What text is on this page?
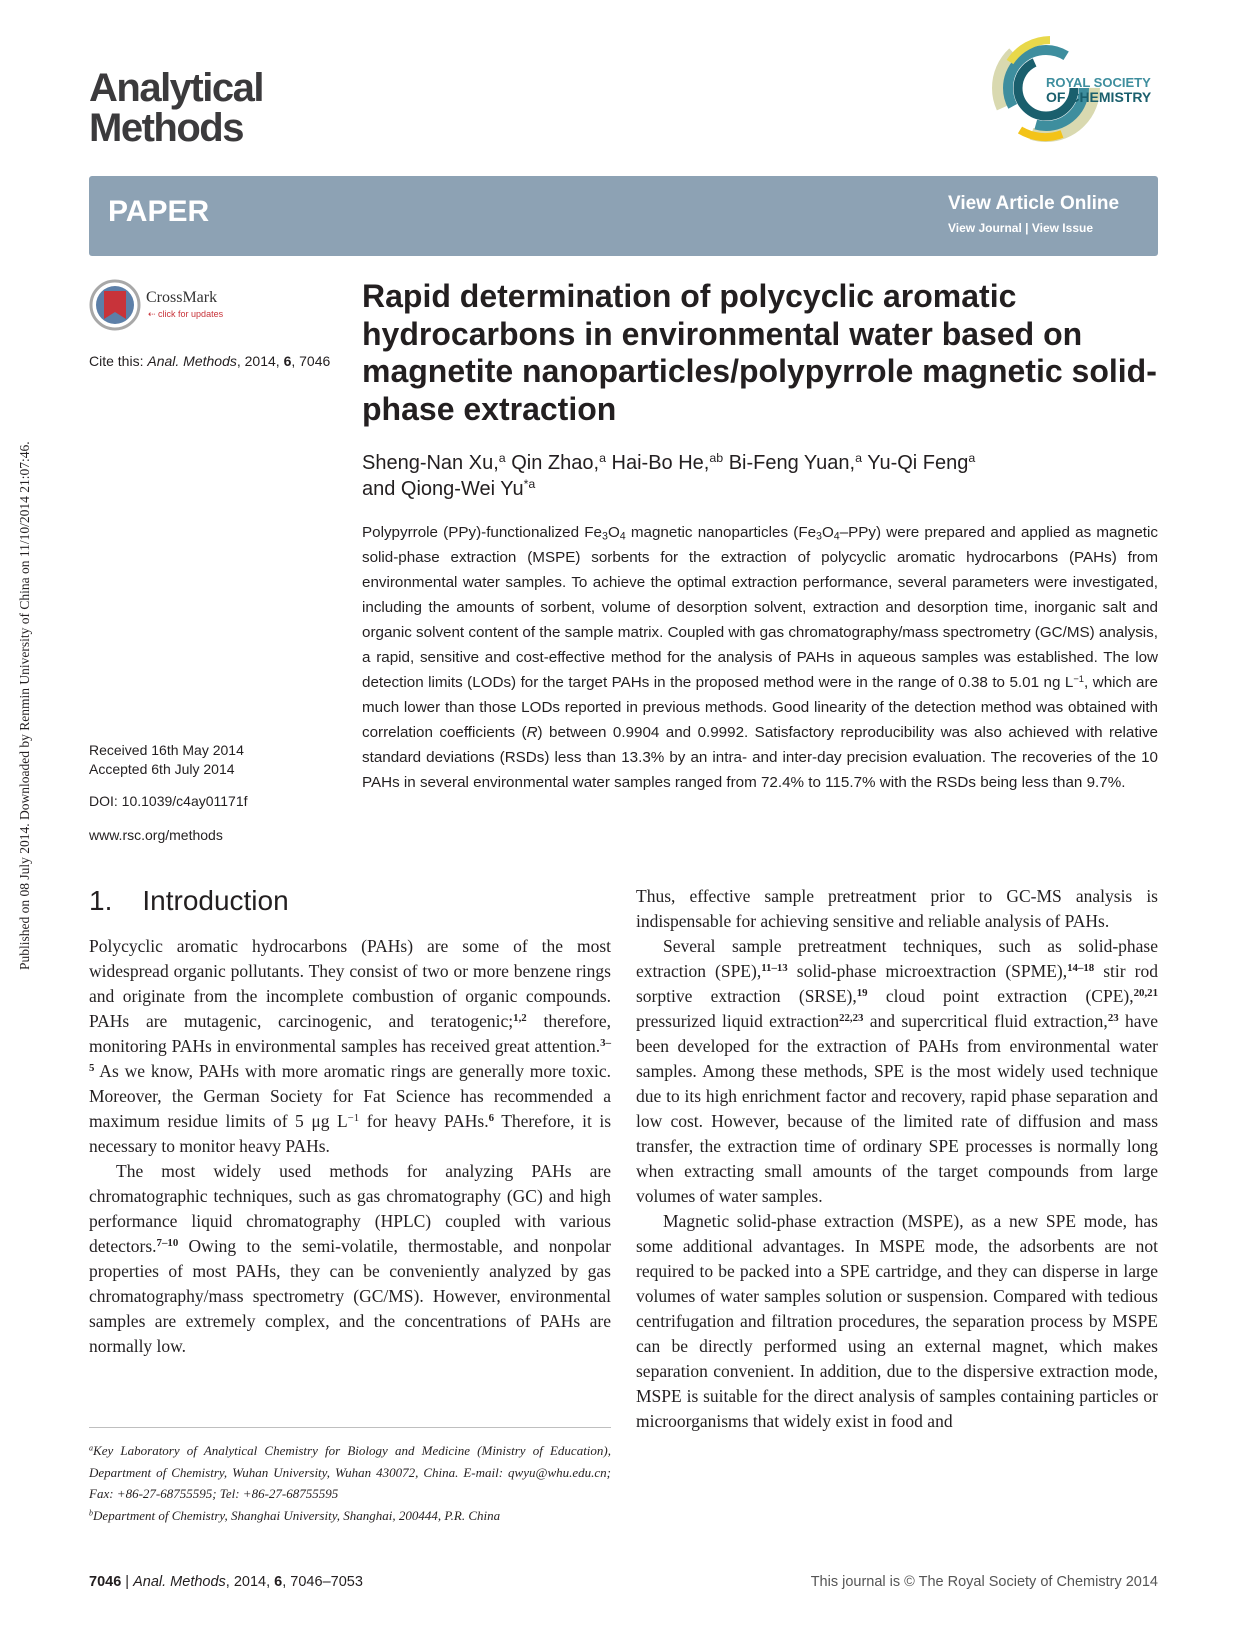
Published on 08 July 2014. Downloaded by Renmin University of China on 11/10/2014 21:07:46.
Analytical
Methods
ROYAL SOCIETY
OF CHEMISTRY
PAPER	View Article Online
View Journal | View Issue
CrossMark
⇠ click for updates
Cite this: Anal. Methods, 2014, 6, 7046
Received 16th May 2014
Accepted 6th July 2014
DOI: 10.1039/c4ay01171f
www.rsc.org/methods
Rapid determination of polycyclic aromatic hydrocarbons in environmental water based on magnetite nanoparticles/polypyrrole magnetic solid-phase extraction
Sheng-Nan Xu,$^a$ Qin Zhao,$^a$ Hai-Bo He,$^{ab}$ Bi-Feng Yuan,$^a$ Yu-Qi Feng$^a$
and Qiong-Wei Yu$^{*a}$
Polypyrrole (PPy)-functionalized $Fe_3O_4$ magnetic nanoparticles $(Fe_3O_4-PPy)$ were prepared and applied as magnetic solid-phase extraction (MSPE) sorbents for the extraction of polycyclic aromatic hydrocarbons (PAHs) from environmental water samples. To achieve the optimal extraction performance, several parameters were investigated, including the amounts of sorbent, volume of desorption solvent, extraction and desorption time, inorganic salt and organic solvent content of the sample matrix. Coupled with gas chromatography/mass spectrometry (GC/MS) analysis, a rapid, sensitive and cost-effective method for the analysis of PAHs in aqueous samples was established. The low detection limits (LODs) for the target PAHs in the proposed method were in the range of 0.38 to 5.01 ng $L^{-1}$, which are much lower than those LODs reported in previous methods. Good linearity of the detection method was obtained with correlation coefficients (R) between 0.9904 and 0.9992. Satisfactory reproducibility was also achieved with relative standard deviations (RSDs) less than 13.3% by an intra- and inter-day precision evaluation. The recoveries of the 10 PAHs in several environmental water samples ranged from 72.4% to 115.7% with the RSDs being less than 9.7%.
1. Introduction

Polycyclic aromatic hydrocarbons (PAHs) are some of the most widespread organic pollutants. They consist of two or more benzene rings and originate from the incomplete combustion of organic compounds. PAHs are mutagenic, carcinogenic, and teratogenic;$^{1,2}$ therefore, monitoring PAHs in environmental samples has received great attention.$^{3-5}$ As we know, PAHs with more aromatic rings are generally more toxic. Moreover, the German Society for Fat Science has recommended a maximum residue limits of 5 μg $L^{-1}$ for heavy PAHs.$^6$ Therefore, it is necessary to monitor heavy PAHs.

The most widely used methods for analyzing PAHs are chromatographic techniques, such as gas chromatography (GC) and high performance liquid chromatography (HPLC) coupled with various detectors.$^{7-10}$ Owing to the semi-volatile, thermostable, and nonpolar properties of most PAHs, they can be conveniently analyzed by gas chromatography/mass spectrometry (GC/MS). However, environmental samples are extremely complex, and the concentrations of PAHs are normally low.

Thus, effective sample pretreatment prior to GC-MS analysis is indispensable for achieving sensitive and reliable analysis of PAHs.

Several sample pretreatment techniques, such as solid-phase extraction (SPE),$^{11-13}$ solid-phase microextraction (SPME),$^{14-18}$ stir rod sorptive extraction (SRSE),$^{19}$ cloud point extraction (CPE),$^{20,21}$ pressurized liquid extraction$^{22,23}$ and supercritical fluid extraction,$^{23}$ have been developed for the extraction of PAHs from environmental water samples. Among these methods, SPE is the most widely used technique due to its high enrichment factor and recovery, rapid phase separation and low cost. However, because of the limited rate of diffusion and mass transfer, the extraction time of ordinary SPE processes is normally long when extracting small amounts of the target compounds from large volumes of water samples.

Magnetic solid-phase extraction (MSPE), as a new SPE mode, has some additional advantages. In MSPE mode, the adsorbents are not required to be packed into a SPE cartridge, and they can disperse in large volumes of water samples solution or suspension. Compared with tedious centrifugation and filtration procedures, the separation process by MSPE can be directly performed using an external magnet, which makes separation convenient. In addition, due to the dispersive extraction mode, MSPE is suitable for the direct analysis of samples containing particles or microorganisms that widely exist in food and

$^a$Key Laboratory of Analytical Chemistry for Biology and Medicine (Ministry of Education), Department of Chemistry, Wuhan University, Wuhan 430072, China. E-mail: qwyu@whu.edu.cn; Fax: +86-27-68755595; Tel: +86-27-68755595

$^b$Department of Chemistry, Shanghai University, Shanghai, 200444, P.R. China

7046 | Anal. Methods, 2014, 6, 7046–7053	This journal is © The Royal Society of Chemistry 2014
